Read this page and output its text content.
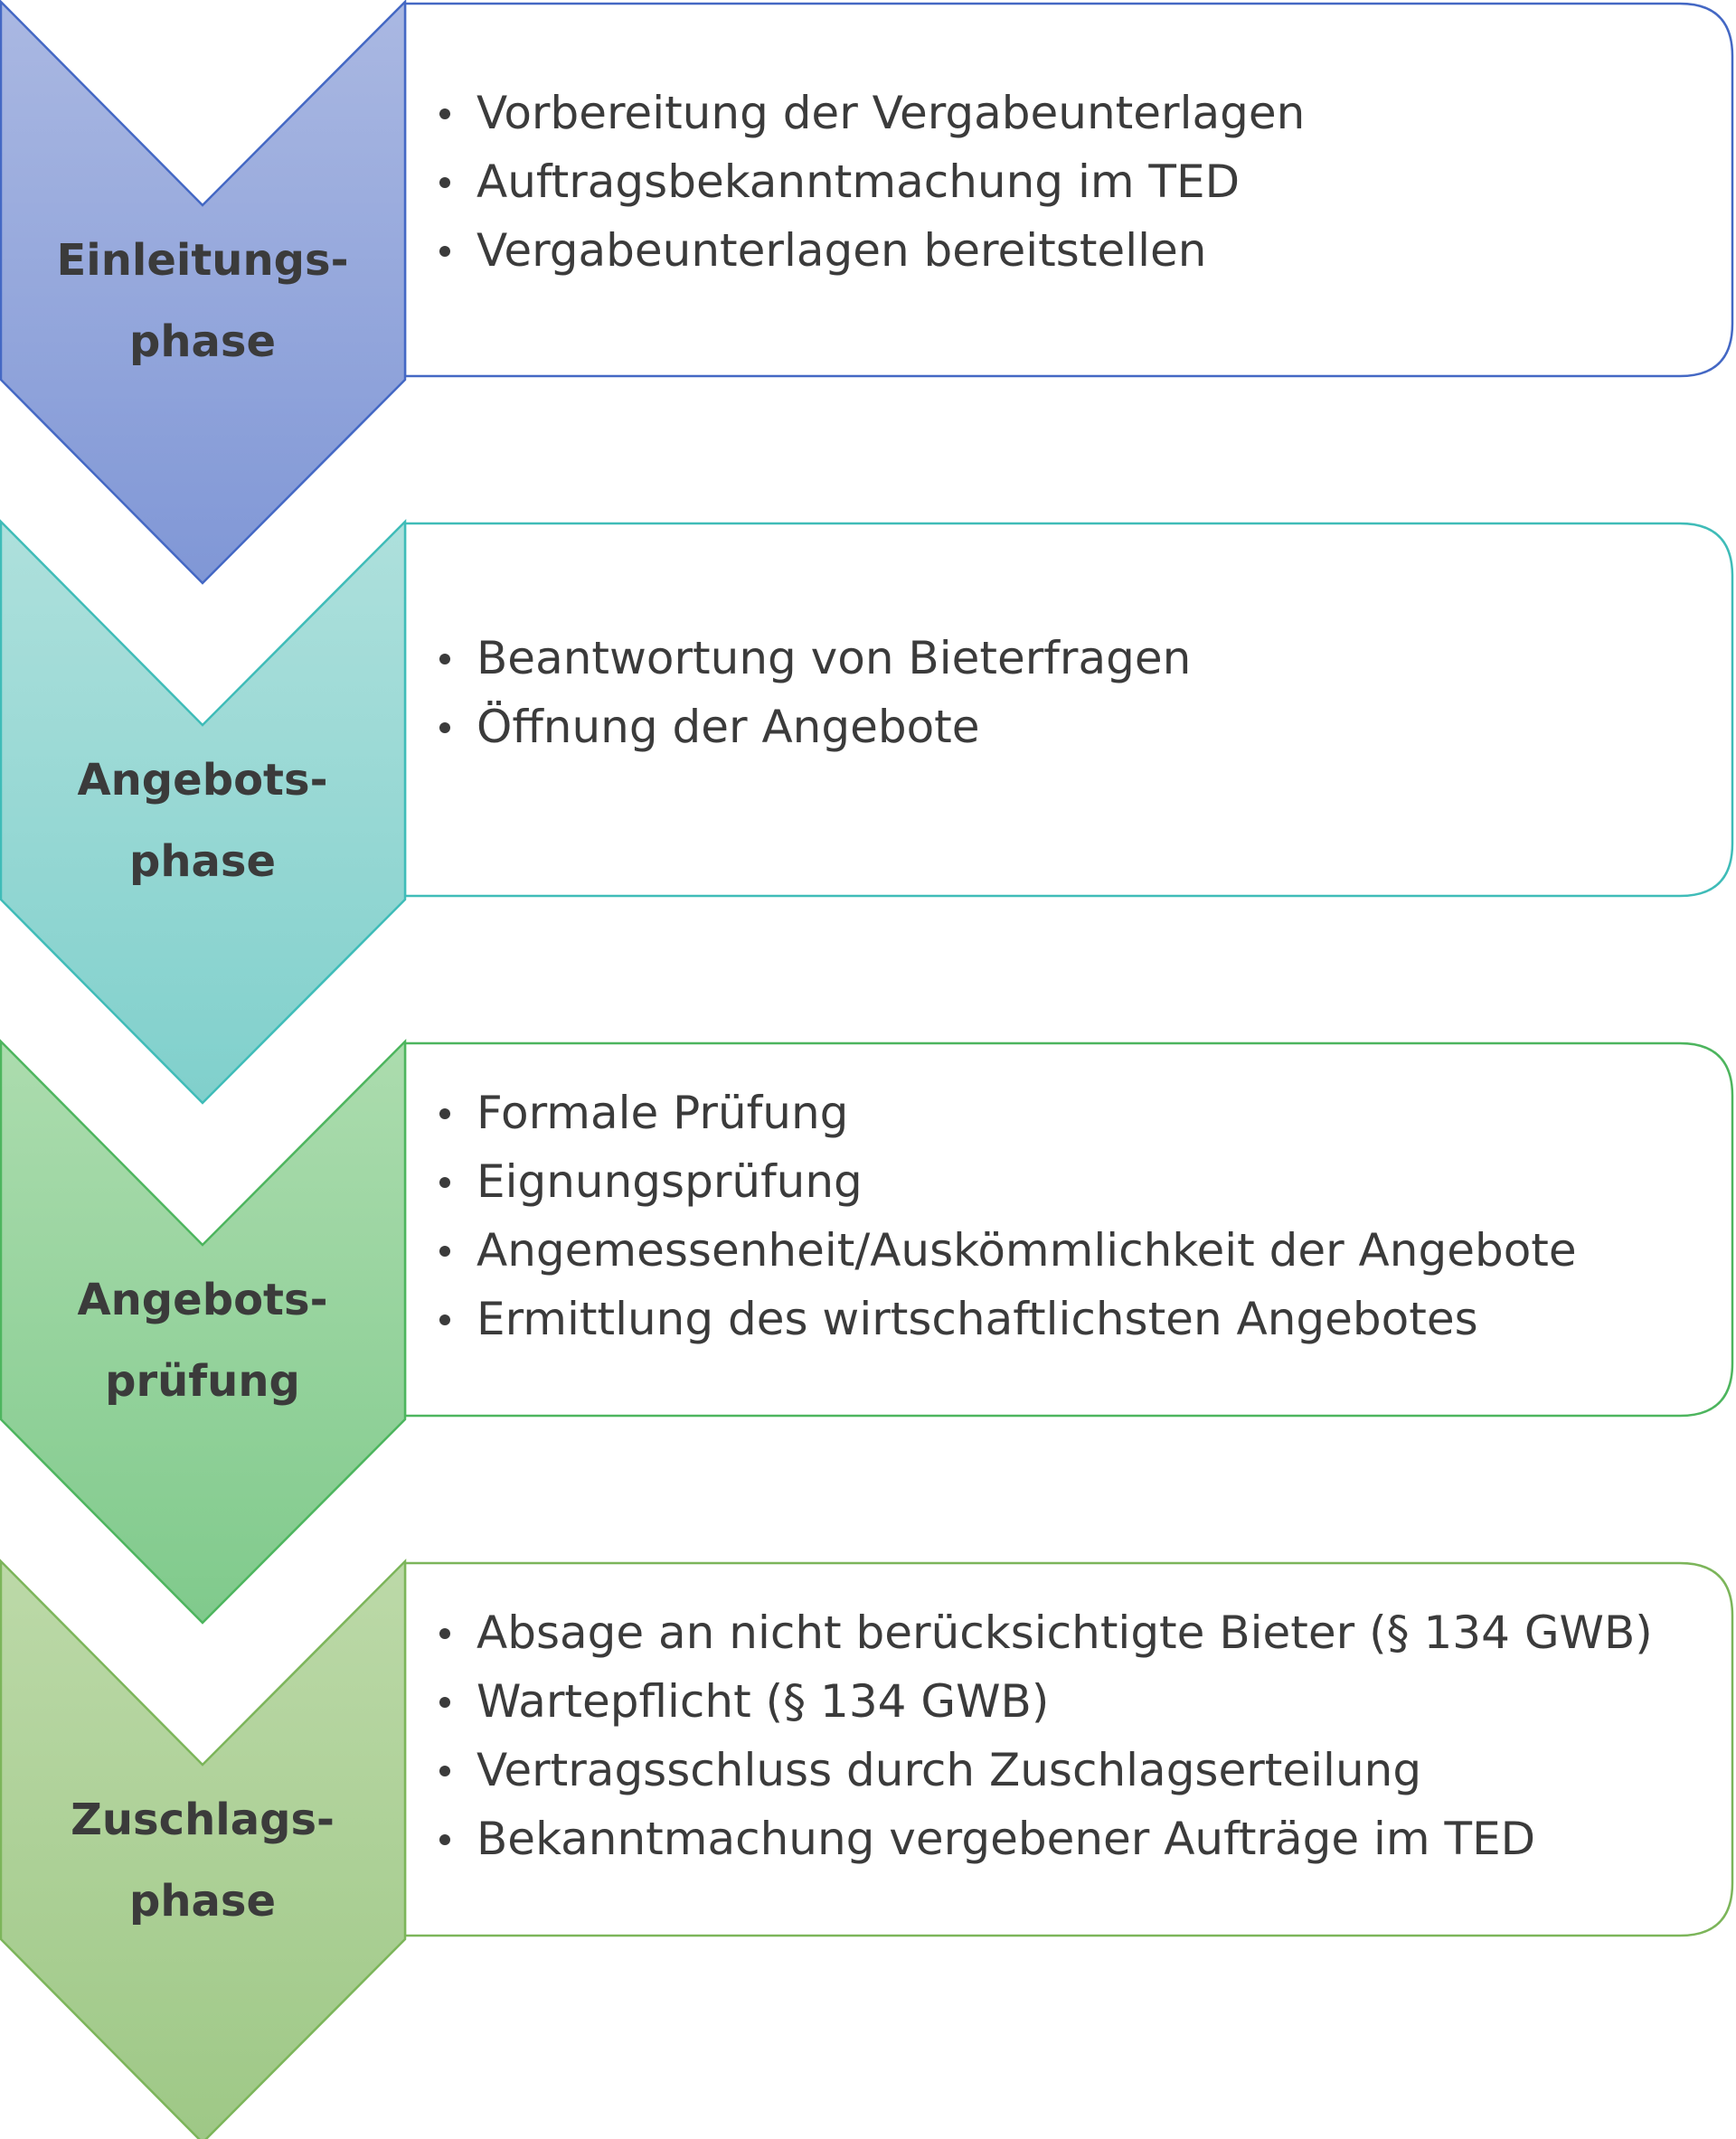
Einleitungs-
phase
Vorbereitung der Vergabeunterlagen
Auftragsbekanntmachung im TED
Vergabeunterlagen bereitstellen
Angebots-
phase
Beantwortung von Bieterfragen
Öffnung der Angebote
Angebots-
prüfung
Formale Prüfung
Eignungsprüfung
Angemessenheit/Auskömmlichkeit der Angebote
Ermittlung des wirtschaftlichsten Angebotes
Zuschlags-
phase
Absage an nicht berücksichtigte Bieter (§ 134 GWB)
Wartepflicht (§ 134 GWB)
Vertragsschluss durch Zuschlagserteilung
Bekanntmachung vergebener Aufträge im TED
